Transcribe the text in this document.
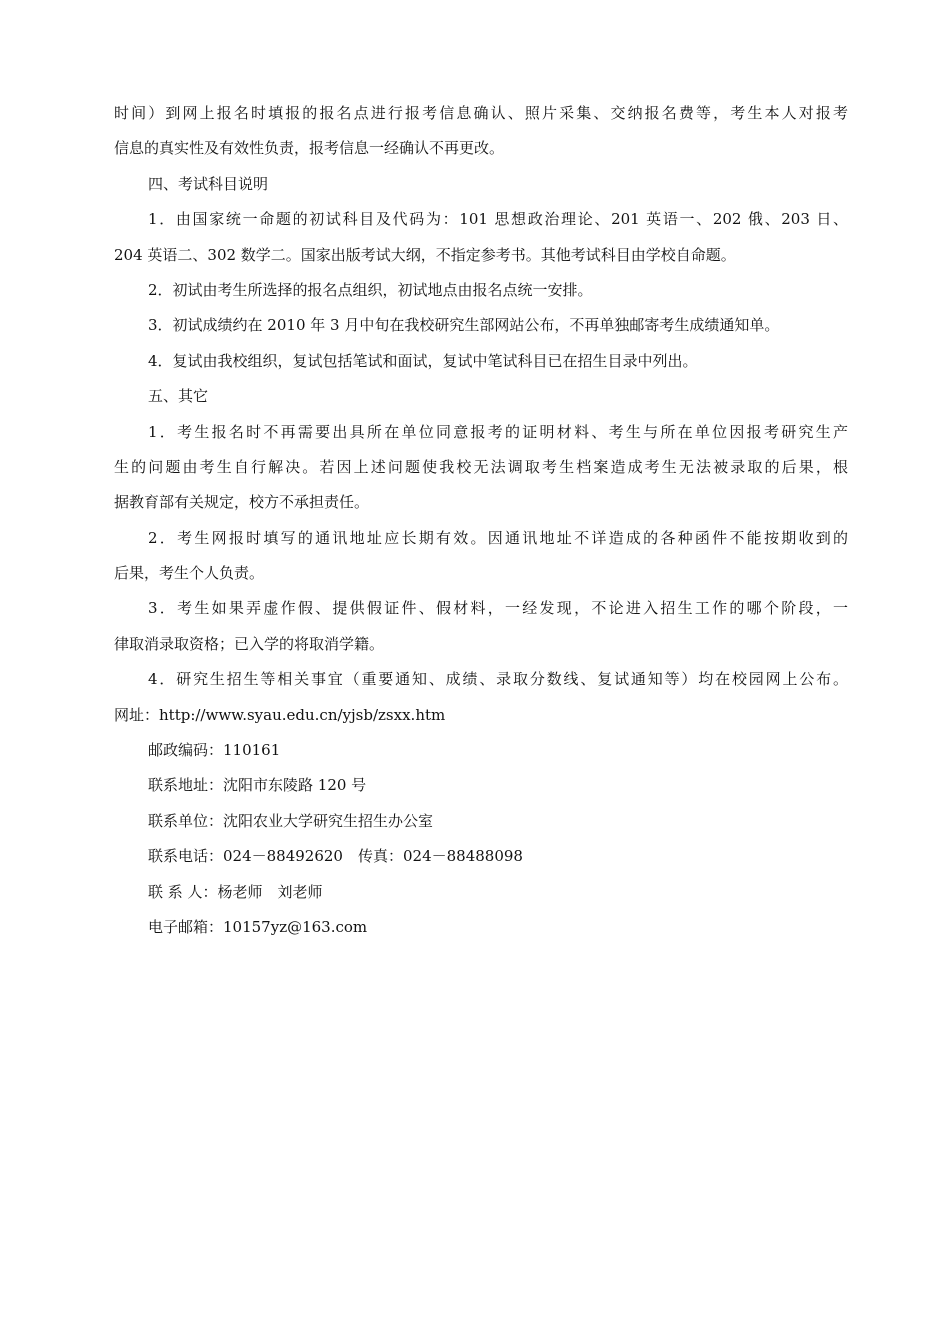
时间）到网上报名时填报的报名点进行报考信息确认、照片采集、交纳报名费等，考生本人对报考
信息的真实性及有效性负责，报考信息一经确认不再更改。
四、考试科目说明
1．由国家统一命题的初试科目及代码为：101 思想政治理论、201 英语一、202 俄、203 日、
204 英语二、302 数学二。国家出版考试大纲，不指定参考书。其他考试科目由学校自命题。
2．初试由考生所选择的报名点组织，初试地点由报名点统一安排。
3．初试成绩约在 2010 年 3 月中旬在我校研究生部网站公布，不再单独邮寄考生成绩通知单。
4．复试由我校组织，复试包括笔试和面试，复试中笔试科目已在招生目录中列出。
五、其它
1．考生报名时不再需要出具所在单位同意报考的证明材料、考生与所在单位因报考研究生产
生的问题由考生自行解决。若因上述问题使我校无法调取考生档案造成考生无法被录取的后果，根
据教育部有关规定，校方不承担责任。
2．考生网报时填写的通讯地址应长期有效。因通讯地址不详造成的各种函件不能按期收到的
后果，考生个人负责。
3．考生如果弄虚作假、提供假证件、假材料，一经发现，不论进入招生工作的哪个阶段，一
律取消录取资格；已入学的将取消学籍。
4．研究生招生等相关事宜（重要通知、成绩、录取分数线、复试通知等）均在校园网上公布。
网址：http://www.syau.edu.cn/yjsb/zsxx.htm
邮政编码：110161
联系地址：沈阳市东陵路 120 号
联系单位：沈阳农业大学研究生招生办公室
联系电话：024－88492620　传真：024－88488098
联 系 人：杨老师　刘老师
电子邮箱：10157yz@163.com
